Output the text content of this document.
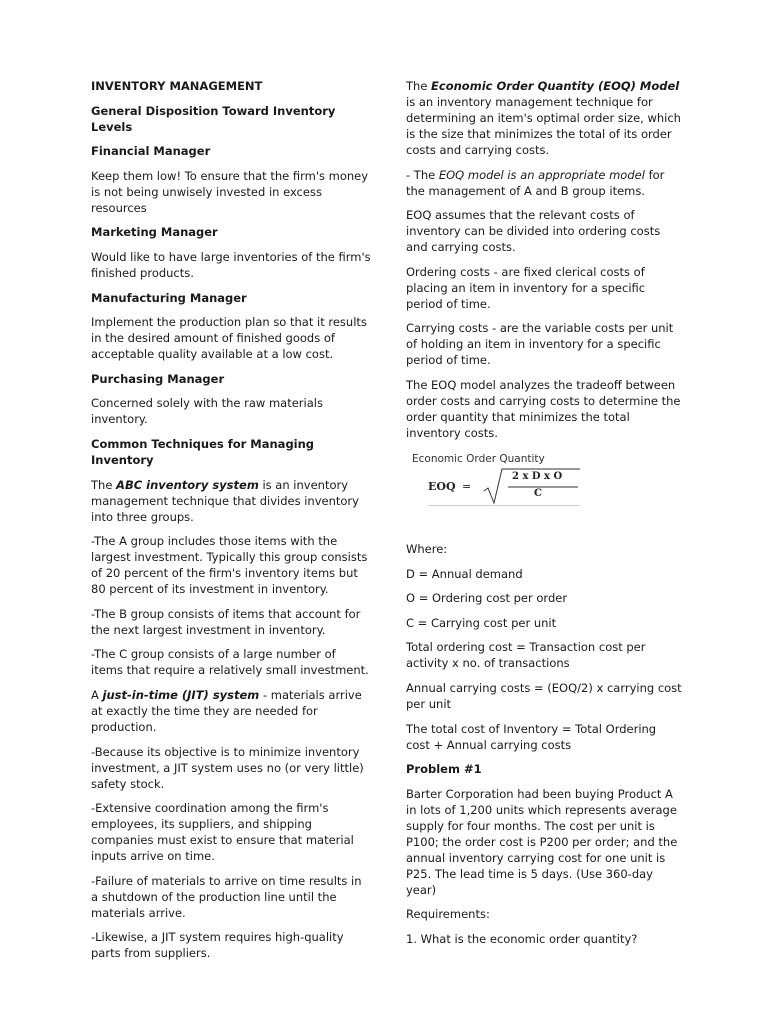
INVENTORY MANAGEMENT

General Disposition Toward Inventory Levels

Financial Manager

Keep them low! To ensure that the firm's money is not being unwisely invested in excess resources

Marketing Manager

Would like to have large inventories of the firm's finished products.

Manufacturing Manager

Implement the production plan so that it results in the desired amount of finished goods of acceptable quality available at a low cost.

Purchasing Manager

Concerned solely with the raw materials inventory.

Common Techniques for Managing Inventory

The ABC inventory system is an inventory management technique that divides inventory into three groups.

-The A group includes those items with the largest investment. Typically this group consists of 20 percent of the firm's inventory items but 80 percent of its investment in inventory.

-The B group consists of items that account for the next largest investment in inventory.

-The C group consists of a large number of items that require a relatively small investment.

A just-in-time (JIT) system - materials arrive at exactly the time they are needed for production.

-Because its objective is to minimize inventory investment, a JIT system uses no (or very little) safety stock.

-Extensive coordination among the firm's employees, its suppliers, and shipping companies must exist to ensure that material inputs arrive on time.

-Failure of materials to arrive on time results in a shutdown of the production line until the materials arrive.

-Likewise, a JIT system requires high-quality parts from suppliers.

The Economic Order Quantity (EOQ) Model is an inventory management technique for determining an item's optimal order size, which is the size that minimizes the total of its order costs and carrying costs.

- The EOQ model is an appropriate model for the management of A and B group items.

EOQ assumes that the relevant costs of inventory can be divided into ordering costs and carrying costs.

Ordering costs - are fixed clerical costs of placing an item in inventory for a specific period of time.

Carrying costs - are the variable costs per unit of holding an item in inventory for a specific period of time.

The EOQ model analyzes the tradeoff between order costs and carrying costs to determine the order quantity that minimizes the total inventory costs.

Economic Order Quantity
EOQ =
2 x D x O
C

Where:

D = Annual demand

O = Ordering cost per order

C = Carrying cost per unit

Total ordering cost = Transaction cost per activity x no. of transactions

Annual carrying costs = (EOQ/2) x carrying cost per unit

The total cost of Inventory = Total Ordering cost + Annual carrying costs

Problem #1

Barter Corporation had been buying Product A in lots of 1,200 units which represents average supply for four months. The cost per unit is P100; the order cost is P200 per order; and the annual inventory carrying cost for one unit is P25. The lead time is 5 days. (Use 360-day year)

Requirements:

1. What is the economic order quantity?
